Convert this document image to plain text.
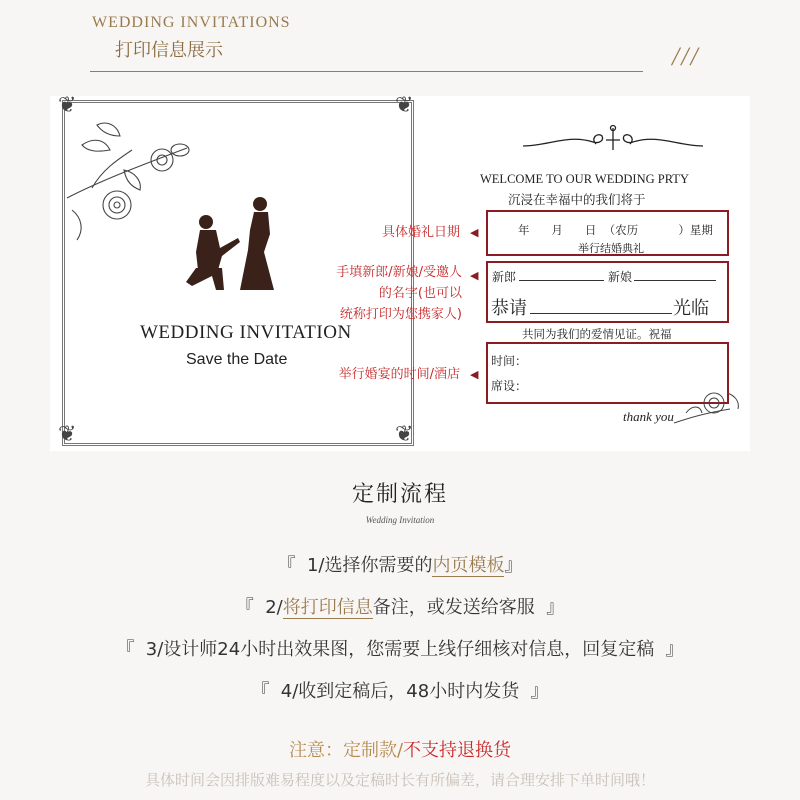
WEDDING INVITATIONS
打印信息展示	///
❦	❦
❦	❦
WEDDING INVITATION
Save the Date
WELCOME TO OUR WEDDING PRTY
沉浸在幸福中的我们将于
年      月      日  （农历           ）星期
举行结婚典礼
新郎	新娘
恭请	光临
共同为我们的爱情见证。祝福
时间：
席设：
thank you
具体婚礼日期 ◀
手填新郎/新娘/受邀人
的名字(也可以
统称打印为您携家人)
◀
举行婚宴的时间/酒店 ◀
定制流程
Wedding Invitation
『  1/选择你需要的内页模板』
『  2/将打印信息备注，或发送给客服  』
『  3/设计师24小时出效果图，您需要上线仔细核对信息，回复定稿  』
『  4/收到定稿后，48小时内发货  』
注意：定制款/不支持退换货
具体时间会因排版难易程度以及定稿时长有所偏差，请合理安排下单时间哦！
